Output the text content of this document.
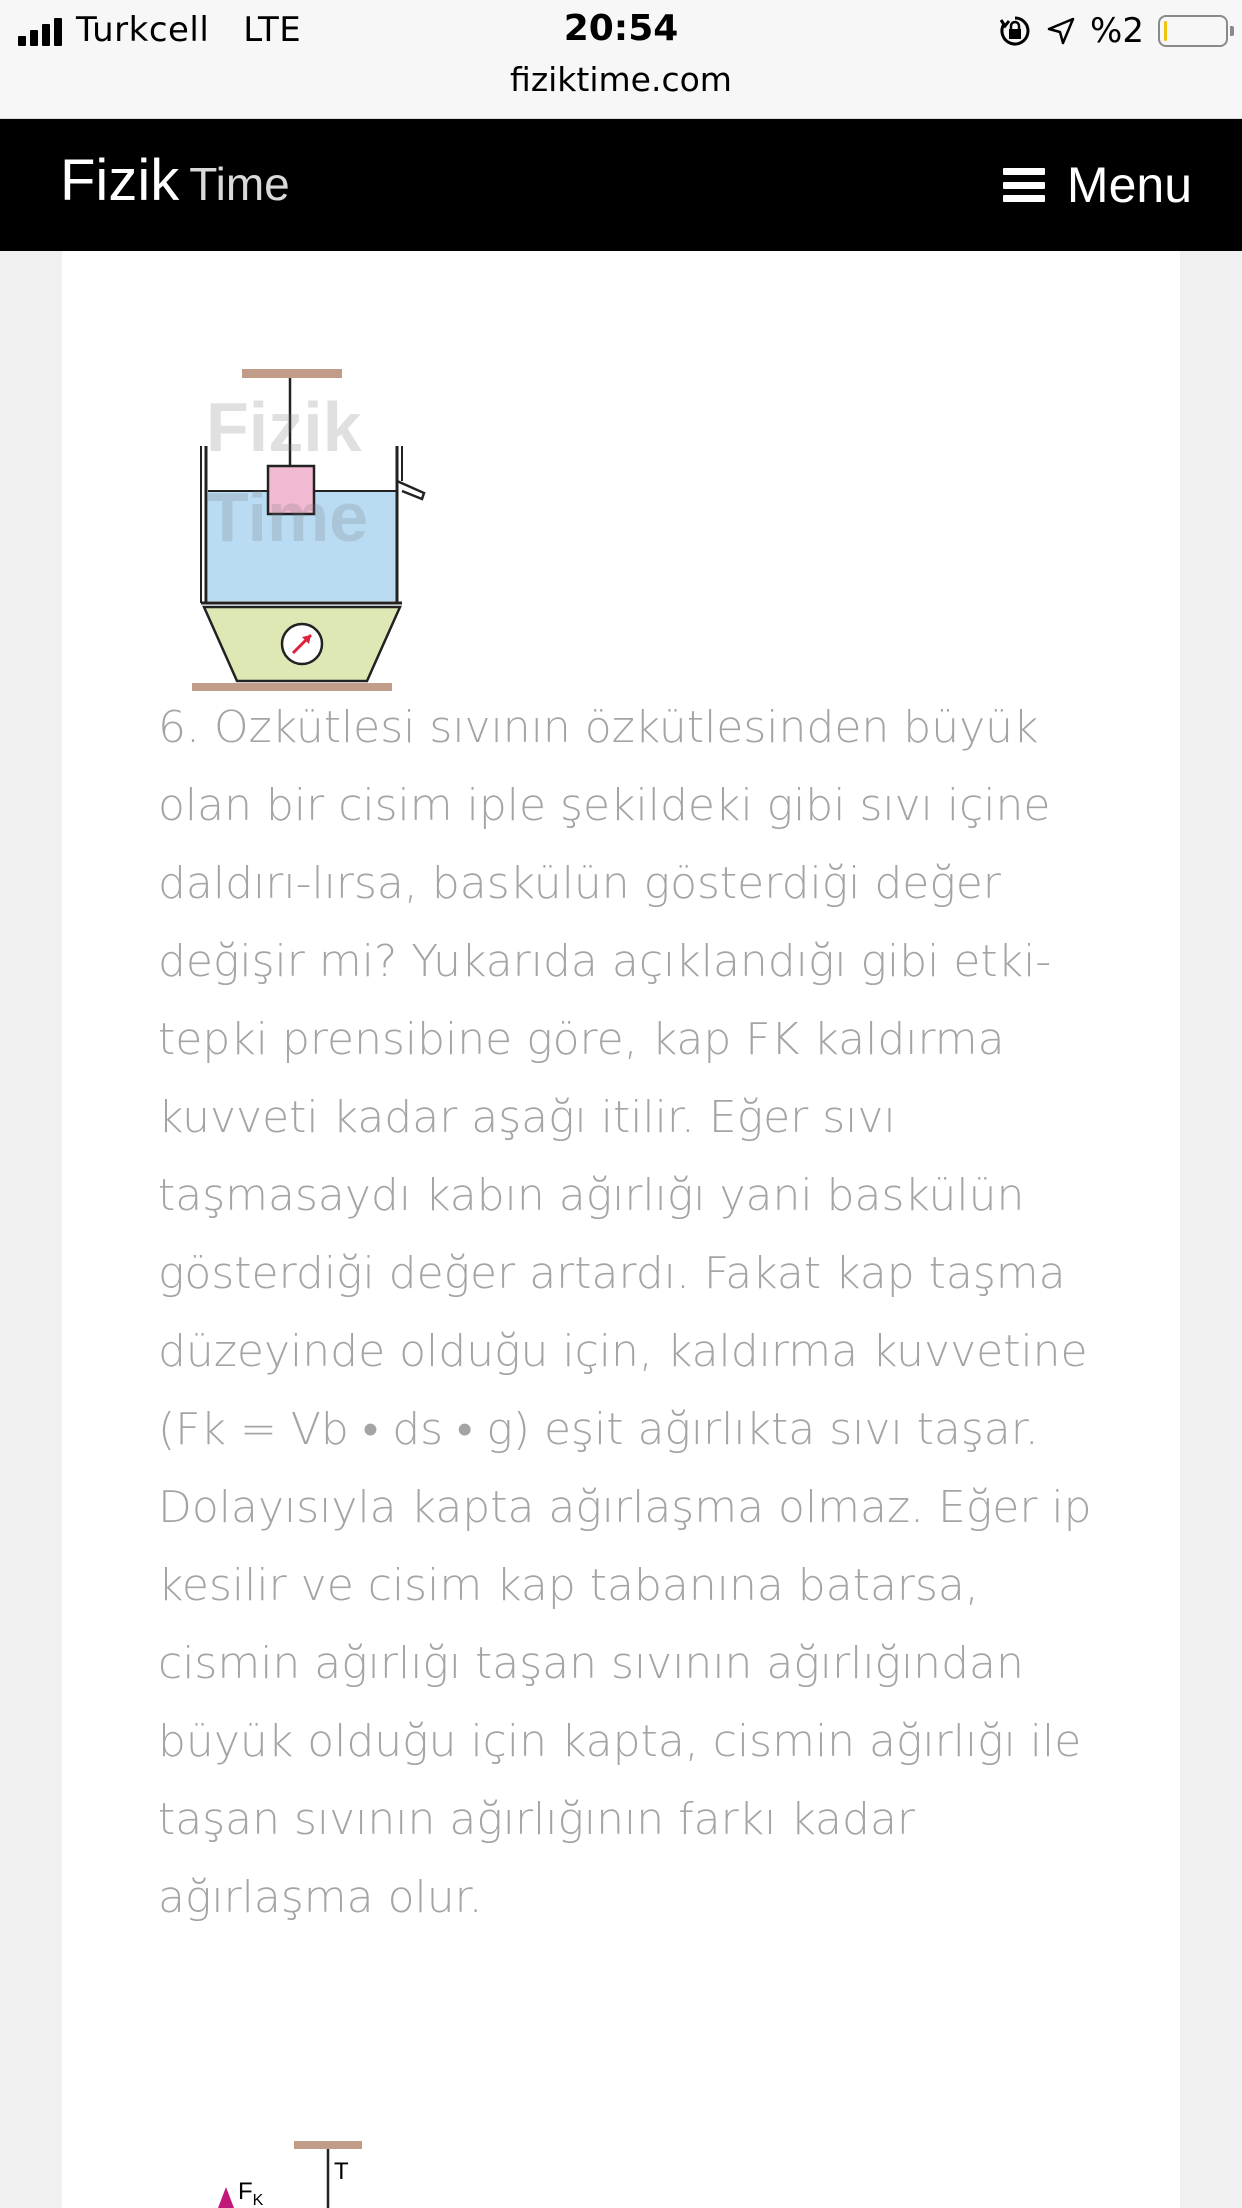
Turkcell LTE	20:54
fiziktime.com
%2
Fizik Time	Menu
Fizik
Time

6. Ozkütlesi sıvının özkütlesinden büyük olan bir cisim iple şekildeki gibi sıvı içine daldırı-lırsa, baskülün gösterdiği değer değişir mi? Yukarıda açıklandığı gibi etki-tepki prensibine göre, kap FK kaldırma kuvveti kadar aşağı itilir. Eğer sıvı taşmasaydı kabın ağırlığı yani baskülün gösterdiği değer artardı. Fakat kap taşma düzeyinde olduğu için, kaldırma kuvvetine (Fk = Vb • ds • g) eşit ağırlıkta sıvı taşar. Dolayısıyla kapta ağırlaşma olmaz. Eğer ip kesilir ve cisim kap tabanına batarsa, cismin ağırlığı taşan sıvının ağırlığından büyük olduğu için kapta, cismin ağırlığı ile taşan sıvının ağırlığının farkı kadar ağırlaşma olur.

T
$F_K$
